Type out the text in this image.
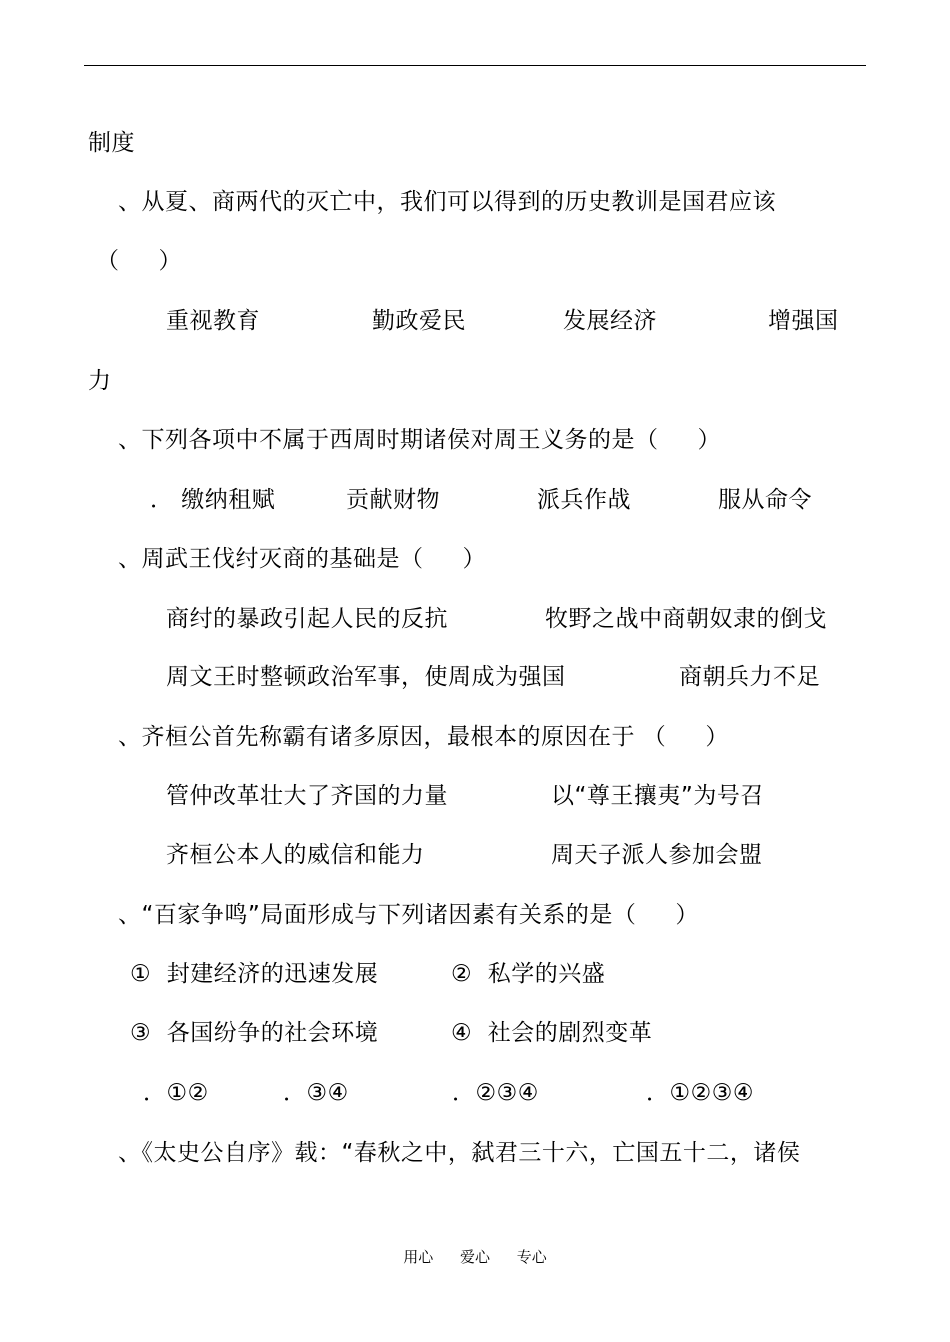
制度
、从夏、商两代的灭亡中，我们可以得到的历史教训是国君应该
（     ）
重视教育	勤政爱民	发展经济	增强国
力
、下列各项中不属于西周时期诸侯对周王义务的是（     ）
． 缴纳租赋	贡献财物	派兵作战	服从命令
、周武王伐纣灭商的基础是（     ）
商纣的暴政引起人民的反抗	牧野之战中商朝奴隶的倒戈
周文王时整顿政治军事，使周成为强国	商朝兵力不足
、齐桓公首先称霸有诸多原因，最根本的原因在于 （     ）
管仲改革壮大了齐国的力量	以“尊王攘夷”为号召
齐桓公本人的威信和能力	周天子派人参加会盟
、“百家争鸣”局面形成与下列诸因素有关系的是（     ）
①  封建经济的迅速发展	②  私学的兴盛
③  各国纷争的社会环境	④  社会的剧烈变革
．①②	．③④	．②③④	．①②③④
、《太史公自序》载：“春秋之中，弑君三十六，亡国五十二，诸侯
用心 爱心 专心
